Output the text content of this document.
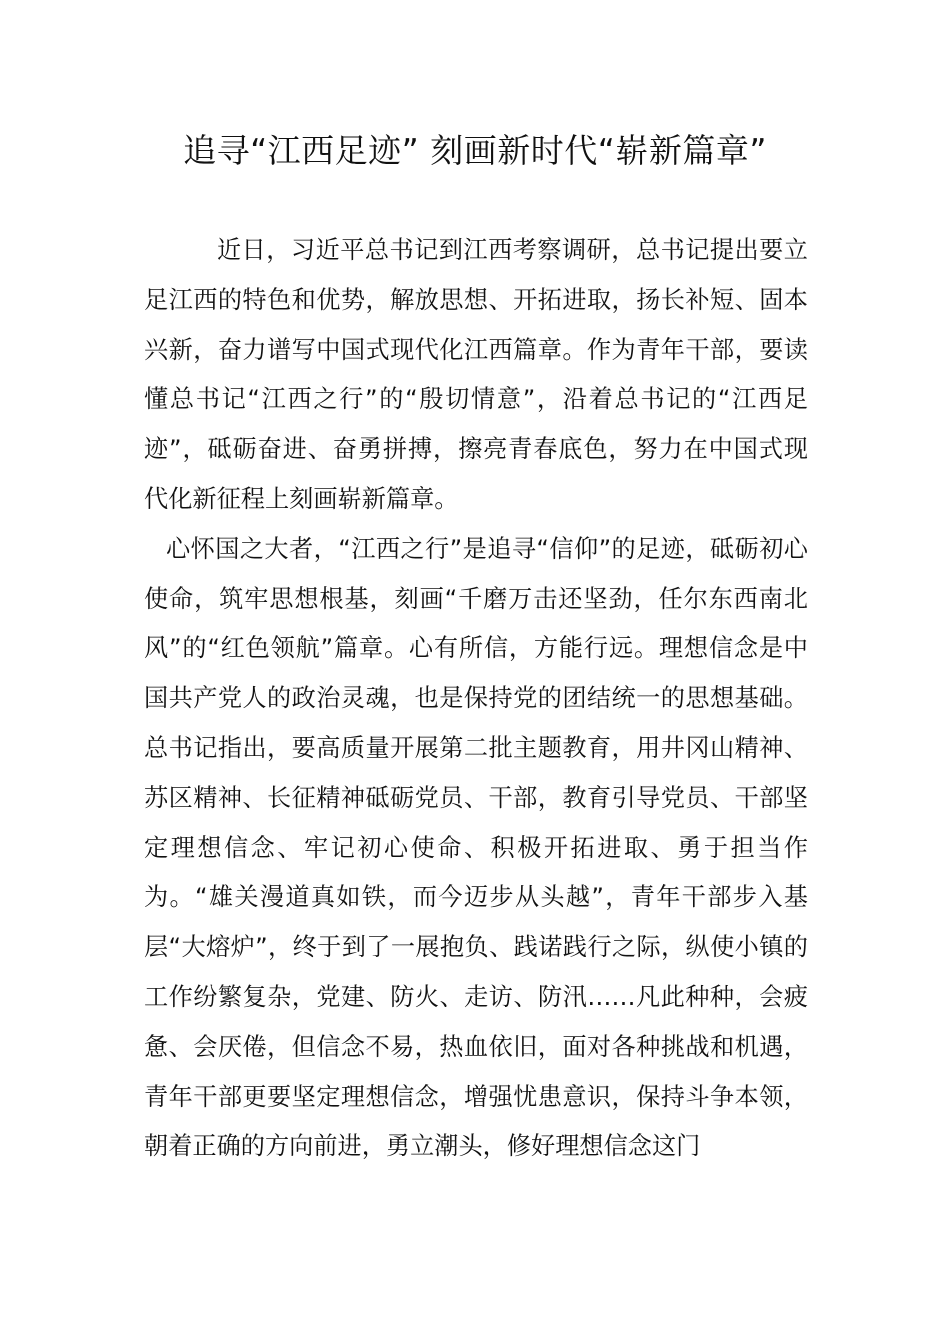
追寻“江西足迹” 刻画新时代“崭新篇章”

近日，习近平总书记到江西考察调研，总书记提出要立足江西的特色和优势，解放思想、开拓进取，扬长补短、固本兴新，奋力谱写中国式现代化江西篇章。作为青年干部，要读懂总书记“江西之行”的“殷切情意”，沿着总书记的“江西足迹”，砥砺奋进、奋勇拼搏，擦亮青春底色，努力在中国式现代化新征程上刻画崭新篇章。

心怀国之大者，“江西之行”是追寻“信仰”的足迹，砥砺初心使命，筑牢思想根基，刻画“千磨万击还坚劲，任尔东西南北风”的“红色领航”篇章。心有所信，方能行远。理想信念是中国共产党人的政治灵魂，也是保持党的团结统一的思想基础。总书记指出，要高质量开展第二批主题教育，用井冈山精神、苏区精神、长征精神砥砺党员、干部，教育引导党员、干部坚定理想信念、牢记初心使命、积极开拓进取、勇于担当作为。“雄关漫道真如铁，而今迈步从头越”，青年干部步入基层“大熔炉”，终于到了一展抱负、践诺践行之际，纵使小镇的工作纷繁复杂，党建、防火、走访、防汛……凡此种种，会疲惫、会厌倦，但信念不易，热血依旧，面对各种挑战和机遇，青年干部更要坚定理想信念，增强忧患意识，保持斗争本领，朝着正确的方向前进，勇立潮头，修好理想信念这门
